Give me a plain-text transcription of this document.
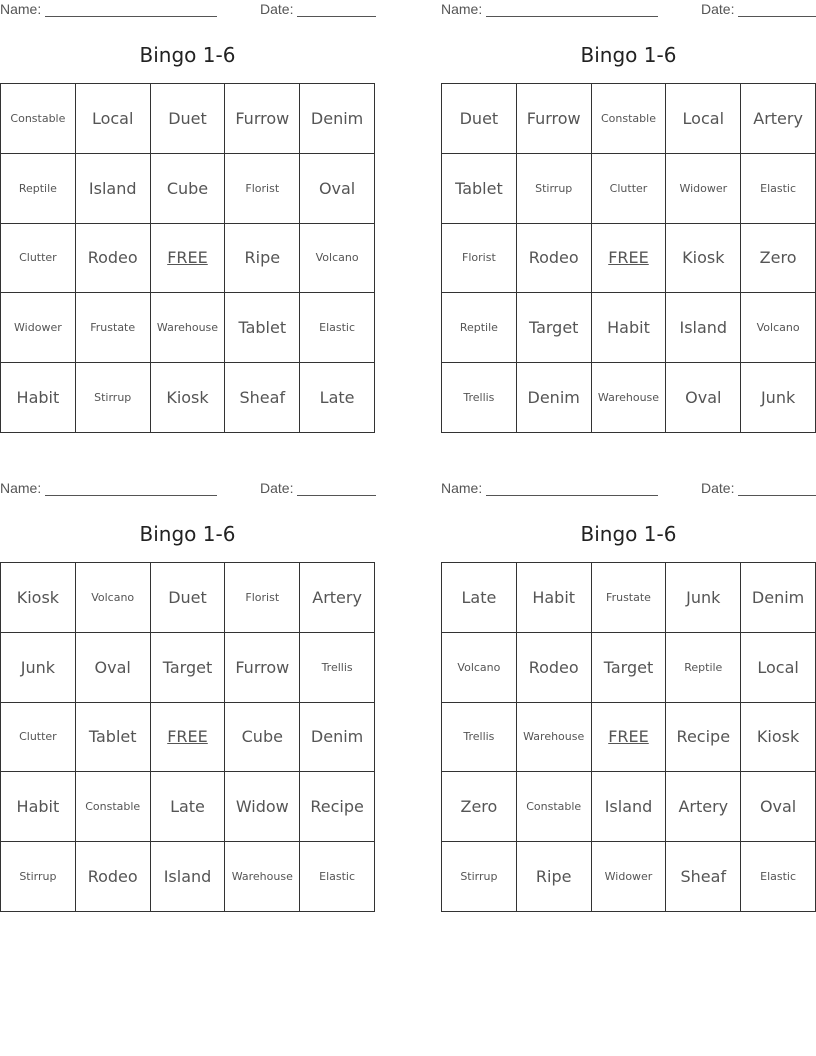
Name:	Date:
Bingo 1-6
Constable	Local	Duet	Furrow	Denim
Reptile	Island	Cube	Florist	Oval
Clutter	Rodeo	FREE	Ripe	Volcano
Widower	Frustate	Warehouse	Tablet	Elastic
Habit	Stirrup	Kiosk	Sheaf	Late
Name:	Date:
Bingo 1-6
Duet	Furrow	Constable	Local	Artery
Tablet	Stirrup	Clutter	Widower	Elastic
Florist	Rodeo	FREE	Kiosk	Zero
Reptile	Target	Habit	Island	Volcano
Trellis	Denim	Warehouse	Oval	Junk
Name:	Date:
Bingo 1-6
Kiosk	Volcano	Duet	Florist	Artery
Junk	Oval	Target	Furrow	Trellis
Clutter	Tablet	FREE	Cube	Denim
Habit	Constable	Late	Widow	Recipe
Stirrup	Rodeo	Island	Warehouse	Elastic
Name:	Date:
Bingo 1-6
Late	Habit	Frustate	Junk	Denim
Volcano	Rodeo	Target	Reptile	Local
Trellis	Warehouse	FREE	Recipe	Kiosk
Zero	Constable	Island	Artery	Oval
Stirrup	Ripe	Widower	Sheaf	Elastic
